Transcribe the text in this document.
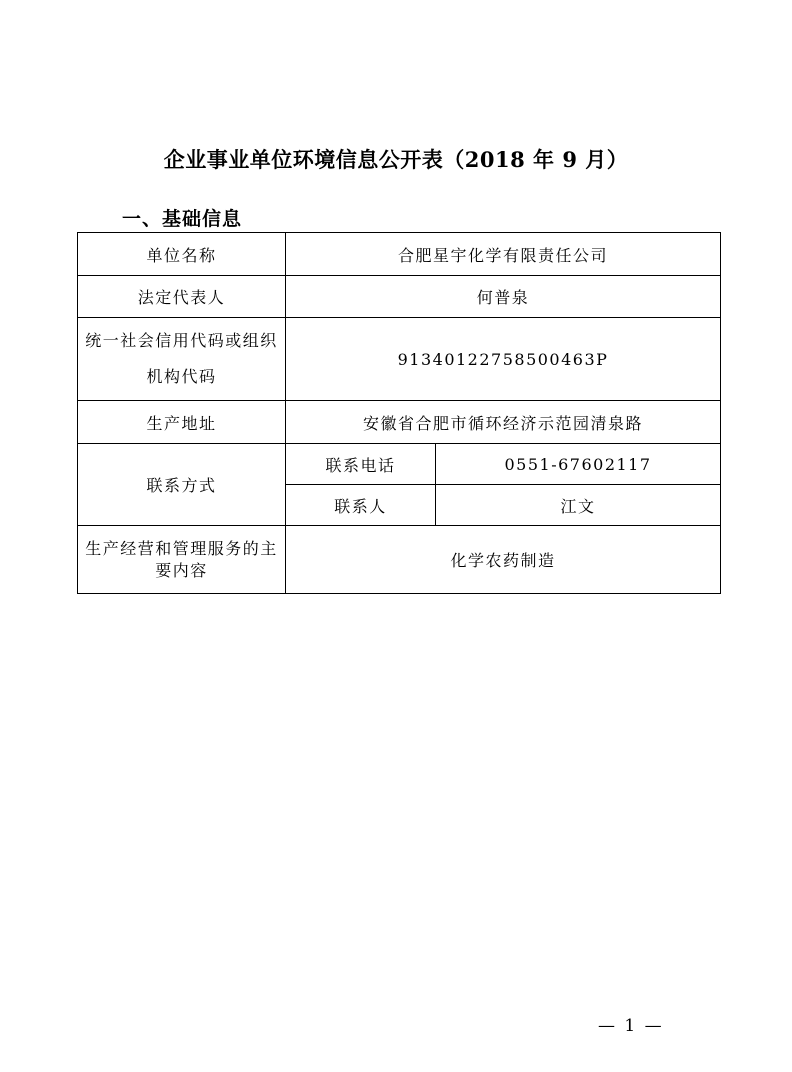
企业事业单位环境信息公开表（2018 年 9 月）
一、基础信息
单位名称	合肥星宇化学有限责任公司	
法定代表人	何普泉	
统一社会信用代码或组织机构代码	91340122758500463P	
生产地址	安徽省合肥市循环经济示范园清泉路	
联系方式	联系电话	0551-67602117
	联系人	江文
生产经营和管理服务的主要内容	化学农药制造	
— 1 —
